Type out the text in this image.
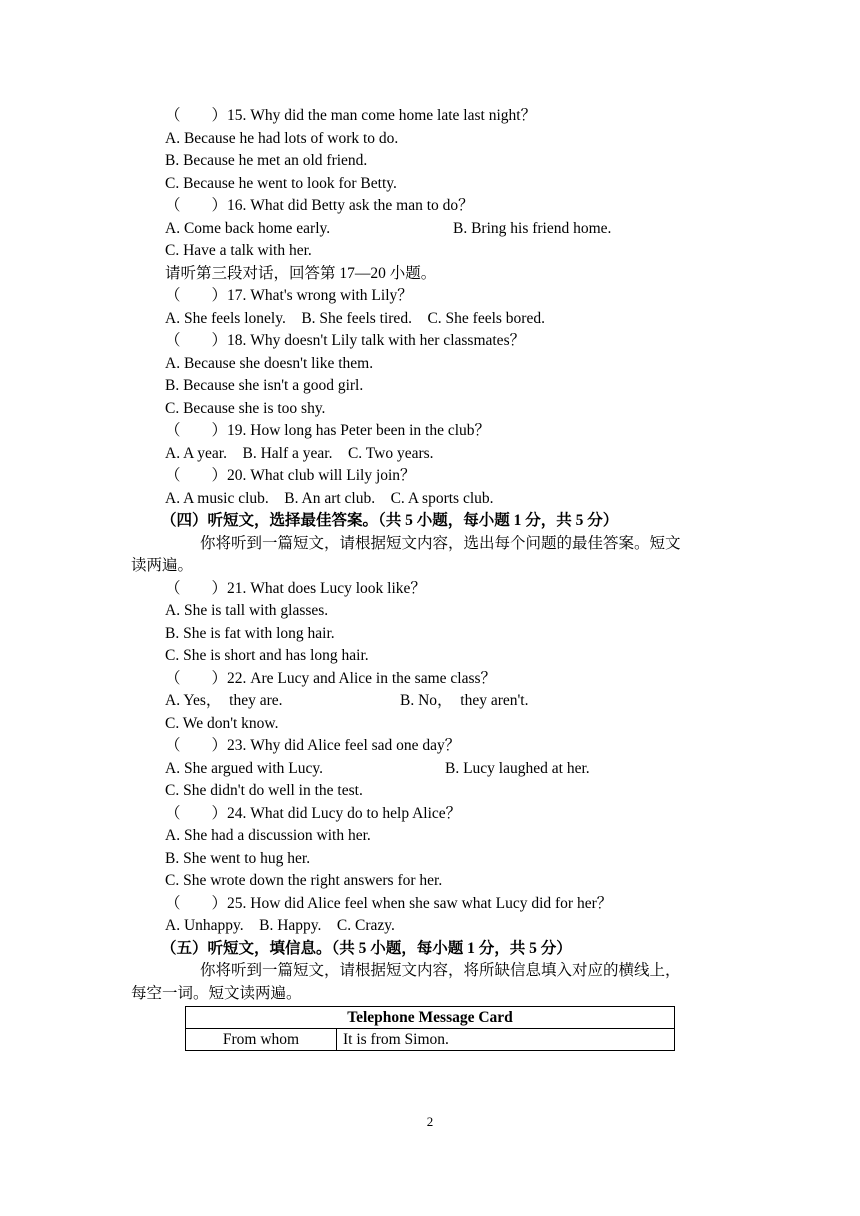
（        ）15. Why did the man come home late last night？
A. Because he had lots of work to do.
B. Because he met an old friend.
C. Because he went to look for Betty.
（        ）16. What did Betty ask the man to do？
A. Come back home early.	B. Bring his friend home.
C. Have a talk with her.
请听第三段对话，回答第 17—20 小题。
（        ）17. What's wrong with Lily？
A. She feels lonely.    B. She feels tired.    C. She feels bored.
（        ）18. Why doesn't Lily talk with her classmates？
A. Because she doesn't like them.
B. Because she isn't a good girl.
C. Because she is too shy.
（        ）19. How long has Peter been in the club？
A. A year.    B. Half a year.    C. Two years.
（        ）20. What club will Lily join？
A. A music club.    B. An art club.    C. A sports club.
（四）听短文，选择最佳答案。（共 5 小题，每小题 1 分，共 5 分）
你将听到一篇短文，请根据短文内容，选出每个问题的最佳答案。短文
读两遍。
（        ）21. What does Lucy look like？
A. She is tall with glasses.
B. She is fat with long hair.
C. She is short and has long hair.
（        ）22. Are Lucy and Alice in the same class？
A. Yes，  they are.	B. No，  they aren't.
C. We don't know.
（        ）23. Why did Alice feel sad one day？
A. She argued with Lucy.	B. Lucy laughed at her.
C. She didn't do well in the test.
（        ）24. What did Lucy do to help Alice？
A. She had a discussion with her.
B. She went to hug her.
C. She wrote down the right answers for her.
（        ）25. How did Alice feel when she saw what Lucy did for her？
A. Unhappy.    B. Happy.    C. Crazy.
（五）听短文，填信息。（共 5 小题，每小题 1 分，共 5 分）
你将听到一篇短文，请根据短文内容，将所缺信息填入对应的横线上，
每空一词。短文读两遍。
Telephone Message Card
From whom	It is from Simon.
2
